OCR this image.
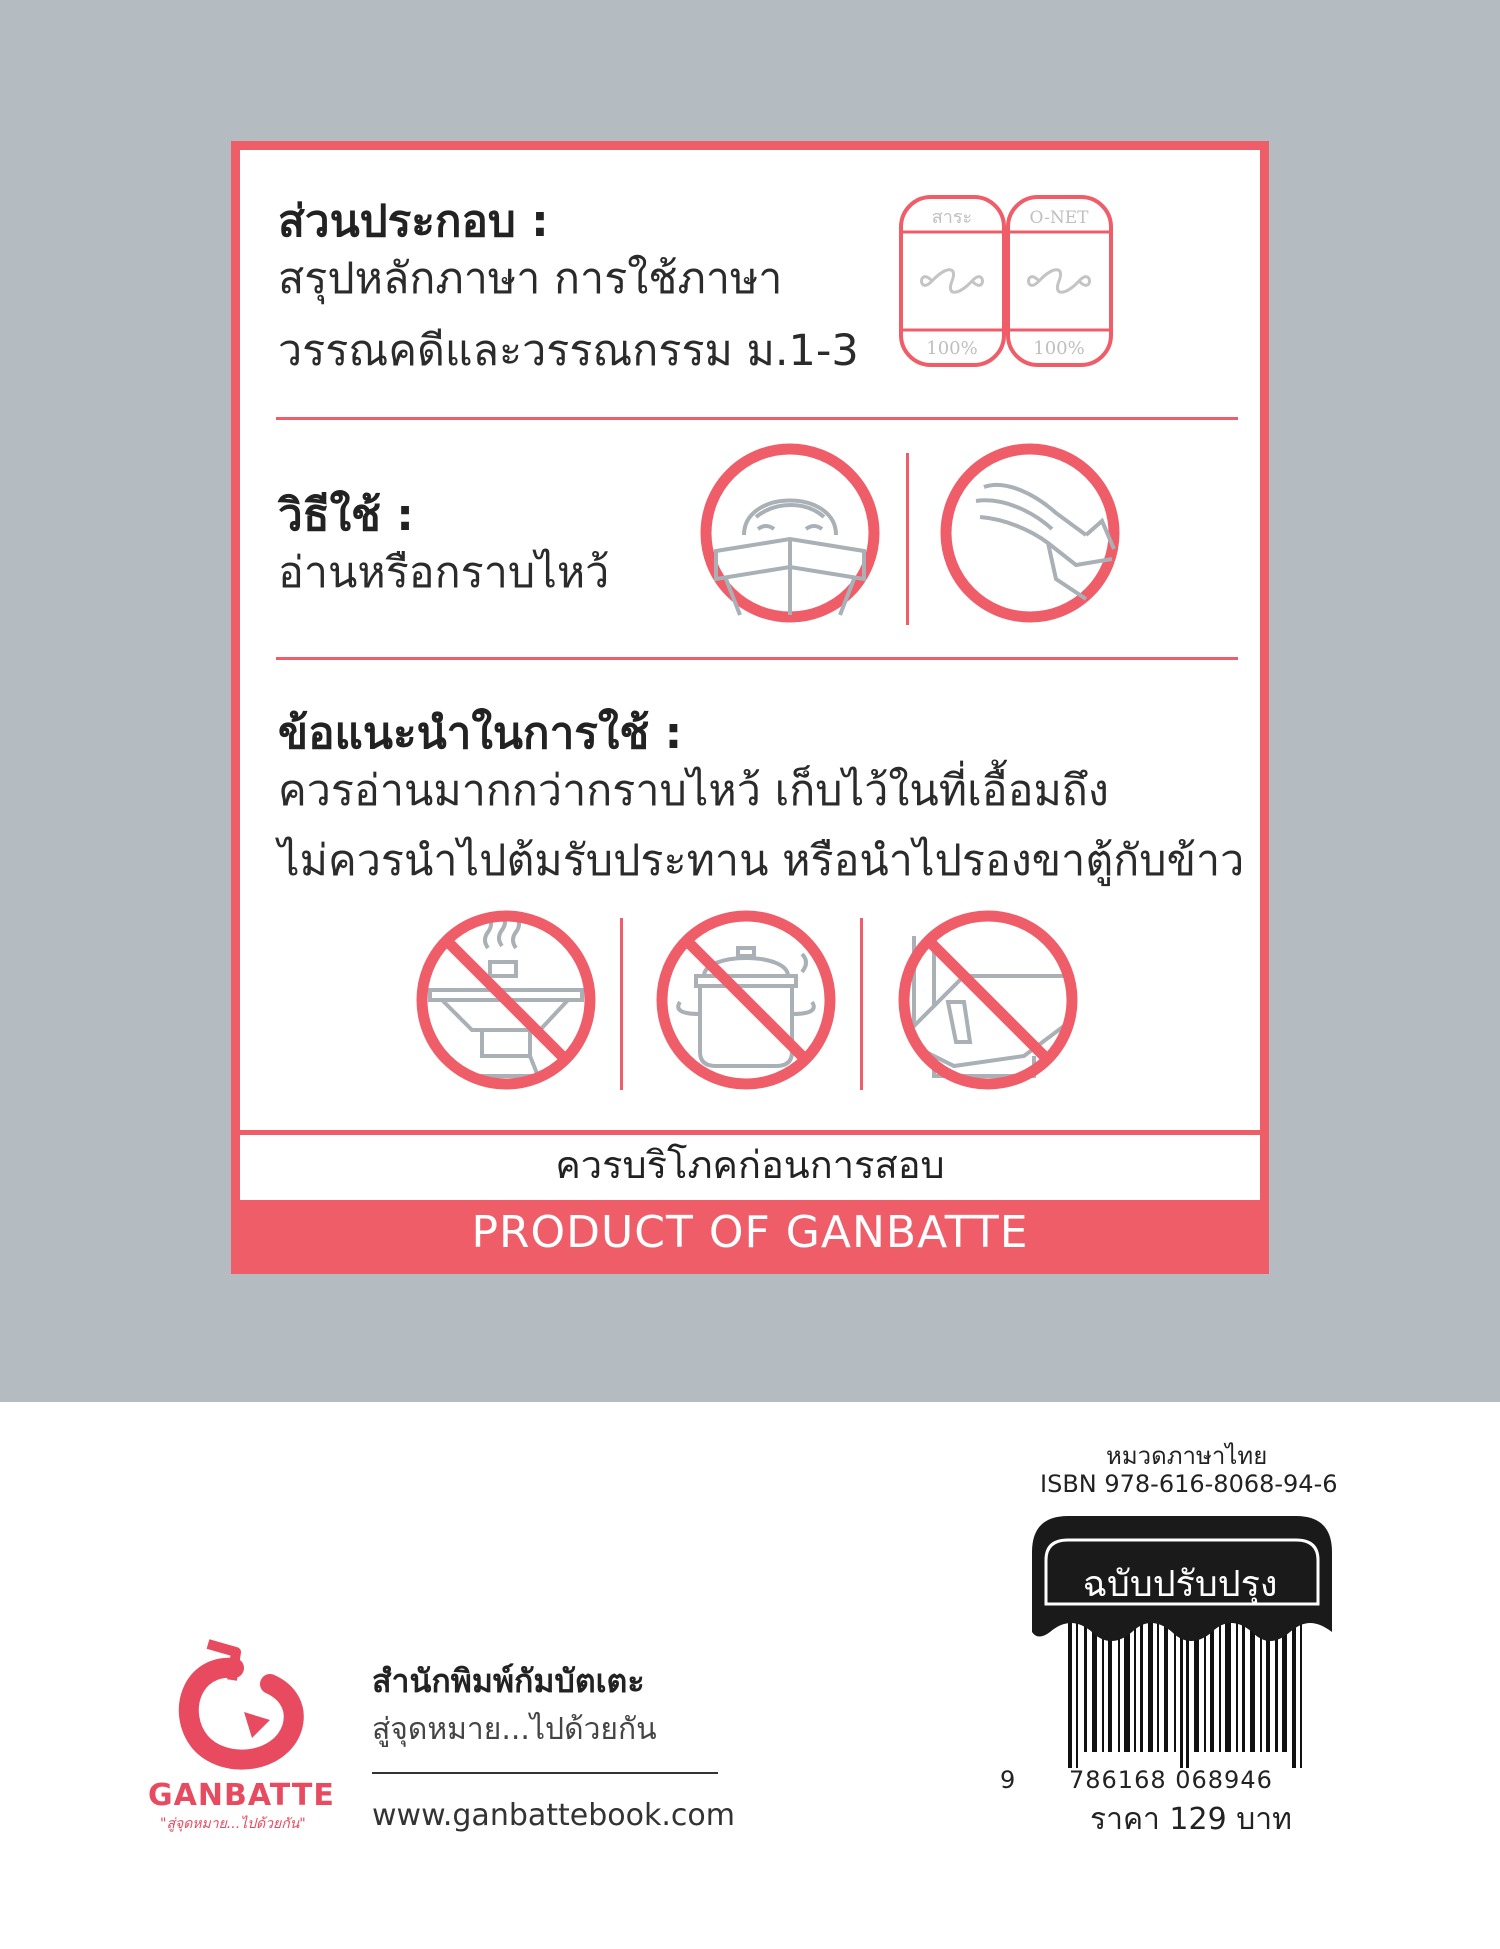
ส่วนประกอบ :
สรุปหลักภาษา การใช้ภาษา
วรรณคดีและวรรณกรรม ม.1-3
สาระ
100%
O-NET
100%
วิธีใช้ :
อ่านหรือกราบไหว้
ข้อแนะนำในการใช้ :
ควรอ่านมากกว่ากราบไหว้ เก็บไว้ในที่เอื้อมถึง
ไม่ควรนำไปต้มรับประทาน หรือนำไปรองขาตู้กับข้าว
ควรบริโภคก่อนการสอบ
PRODUCT OF GANBATTE
GANBATTE
"สู่จุดหมาย...ไปด้วยกัน"
สำนักพิมพ์กัมบัตเตะ
สู่จุดหมาย...ไปด้วยกัน
www.ganbattebook.com
หมวดภาษาไทย
ISBN 978-616-8068-94-6
ฉบับปรับปรุง
9 786168 068946
ราคา 129 บาท
